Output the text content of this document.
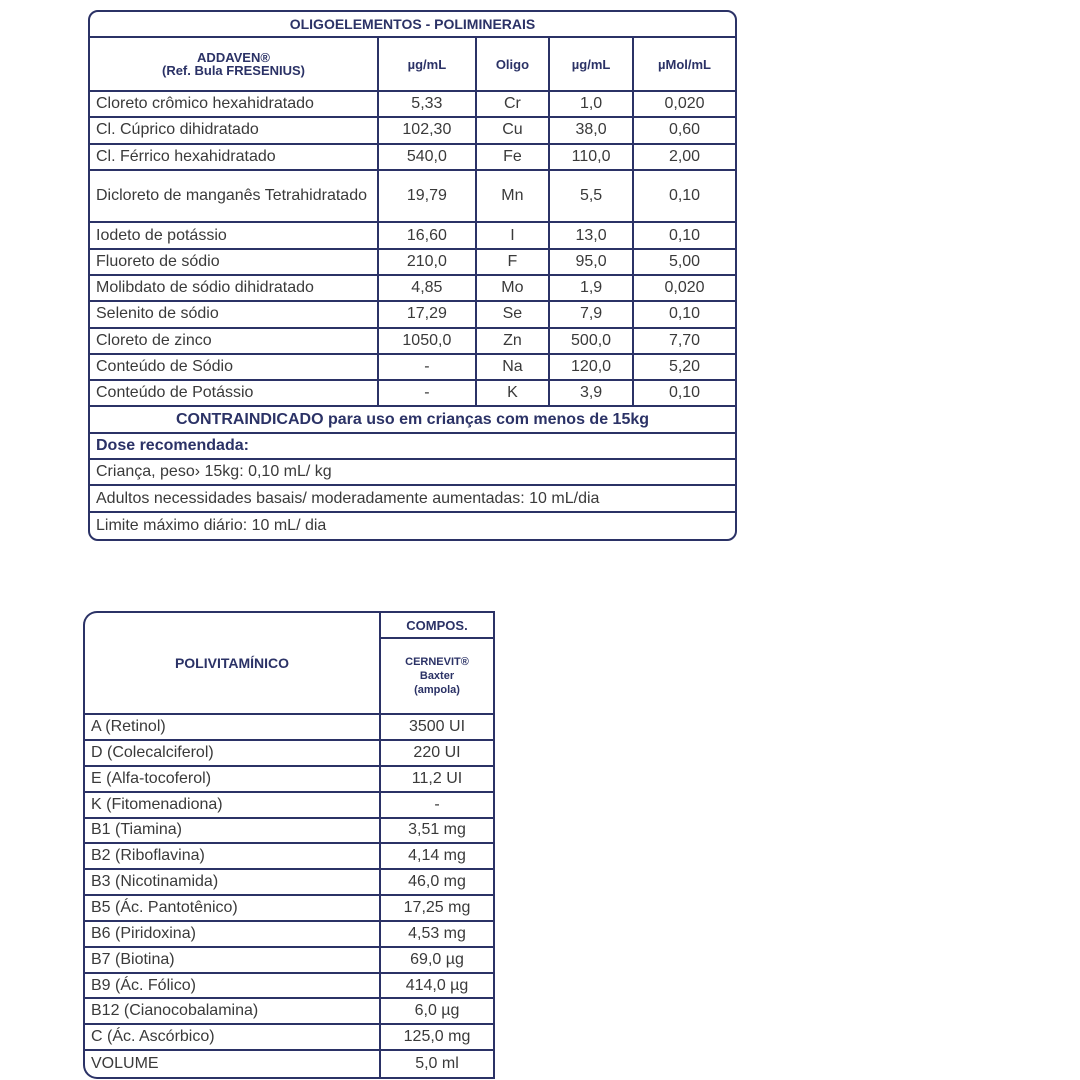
OLIGOELEMENTOS - POLIMINERAIS				
ADDAVEN®
(Ref. Bula FRESENIUS)	µg/mL	Oligo	µg/mL	µMol/mL
Cloreto crômico hexahidratado	5,33	Cr	1,0	0,020
Cl. Cúprico dihidratado	102,30	Cu	38,0	0,60
Cl. Férrico hexahidratado	540,0	Fe	110,0	2,00
Dicloreto de manganês Tetrahidratado	19,79	Mn	5,5	0,10
Iodeto de potássio	16,60	I	13,0	0,10
Fluoreto de sódio	210,0	F	95,0	5,00
Molibdato de sódio dihidratado	4,85	Mo	1,9	0,020
Selenito de sódio	17,29	Se	7,9	0,10
Cloreto de zinco	1050,0	Zn	500,0	7,70
Conteúdo de Sódio	-	Na	120,0	5,20
Conteúdo de Potássio	-	K	3,9	0,10
CONTRAINDICADO para uso em crianças com menos de 15kg				
Dose recomendada:				
Criança, peso› 15kg: 0,10 mL/ kg				
Adultos necessidades basais/ moderadamente aumentadas: 10 mL/dia				
Limite máximo diário: 10 mL/ dia				
POLIVITAMÍNICO	COMPOS.
	CERNEVIT®
Baxter
(ampola)
A (Retinol)	3500 UI
D (Colecalciferol)	220 UI
E (Alfa-tocoferol)	11,2 UI
K (Fitomenadiona)	-
B1 (Tiamina)	3,51 mg
B2 (Riboflavina)	4,14 mg
B3 (Nicotinamida)	46,0 mg
B5 (Ác. Pantotênico)	17,25 mg
B6 (Piridoxina)	4,53 mg
B7 (Biotina)	69,0 µg
B9 (Ác. Fólico)	414,0 µg
B12 (Cianocobalamina)	6,0 µg
C (Ác. Ascórbico)	125,0 mg
VOLUME	5,0 ml
